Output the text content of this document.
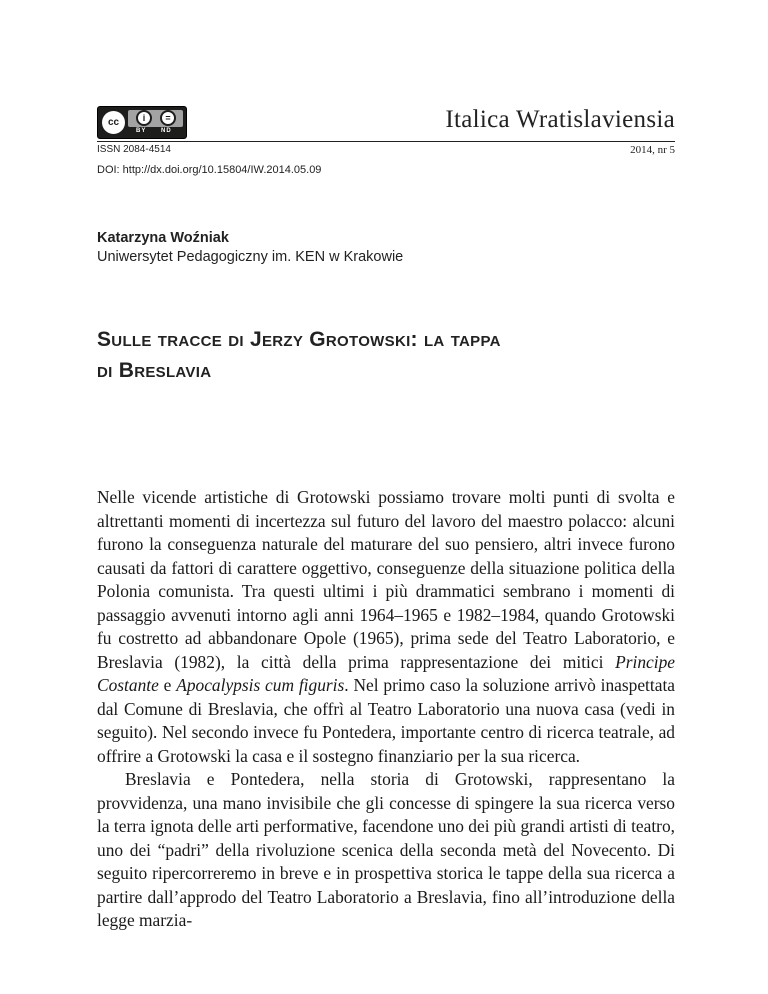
cc	i	=
BY ND	Italica Wratislaviensia
ISSN 2084-4514	2014, nr 5
DOI: http://dx.doi.org/10.15804/IW.2014.05.09
Katarzyna Woźniak
Uniwersytet Pedagogiczny im. KEN w Krakowie
Sulle tracce di Jerzy Grotowski: la tappa
di Breslavia

Nelle vicende artistiche di Grotowski possiamo trovare molti punti di svolta e altrettanti momenti di incertezza sul futuro del lavoro del maestro polacco: alcuni furono la conseguenza naturale del maturare del suo pensiero, altri invece furono causati da fattori di carattere oggettivo, conseguenze della situazione politica della Polonia comunista. Tra questi ultimi i più drammatici sembrano i momenti di passaggio avvenuti intorno agli anni 1964–1965 e 1982–1984, quando Grotowski fu costretto ad abbandonare Opole (1965), prima sede del Teatro Laboratorio, e Breslavia (1982), la città della prima rappresentazione dei mitici Principe Costante e Apocalypsis cum figuris. Nel primo caso la soluzione arrivò inaspettata dal Comune di Breslavia, che offrì al Teatro Laboratorio una nuova casa (vedi in seguito). Nel secondo invece fu Pontedera, importante centro di ricerca teatrale, ad offrire a Grotowski la casa e il sostegno finanziario per la sua ricerca.

Breslavia e Pontedera, nella storia di Grotowski, rappresentano la provvidenza, una mano invisibile che gli concesse di spingere la sua ricerca verso la terra ignota delle arti performative, facendone uno dei più grandi artisti di teatro, uno dei “padri” della rivoluzione scenica della seconda metà del Novecento. Di seguito ripercorreremo in breve e in prospettiva storica le tappe della sua ricerca a partire dall’approdo del Teatro Laboratorio a Breslavia, fino all’introduzione della legge marzia-
